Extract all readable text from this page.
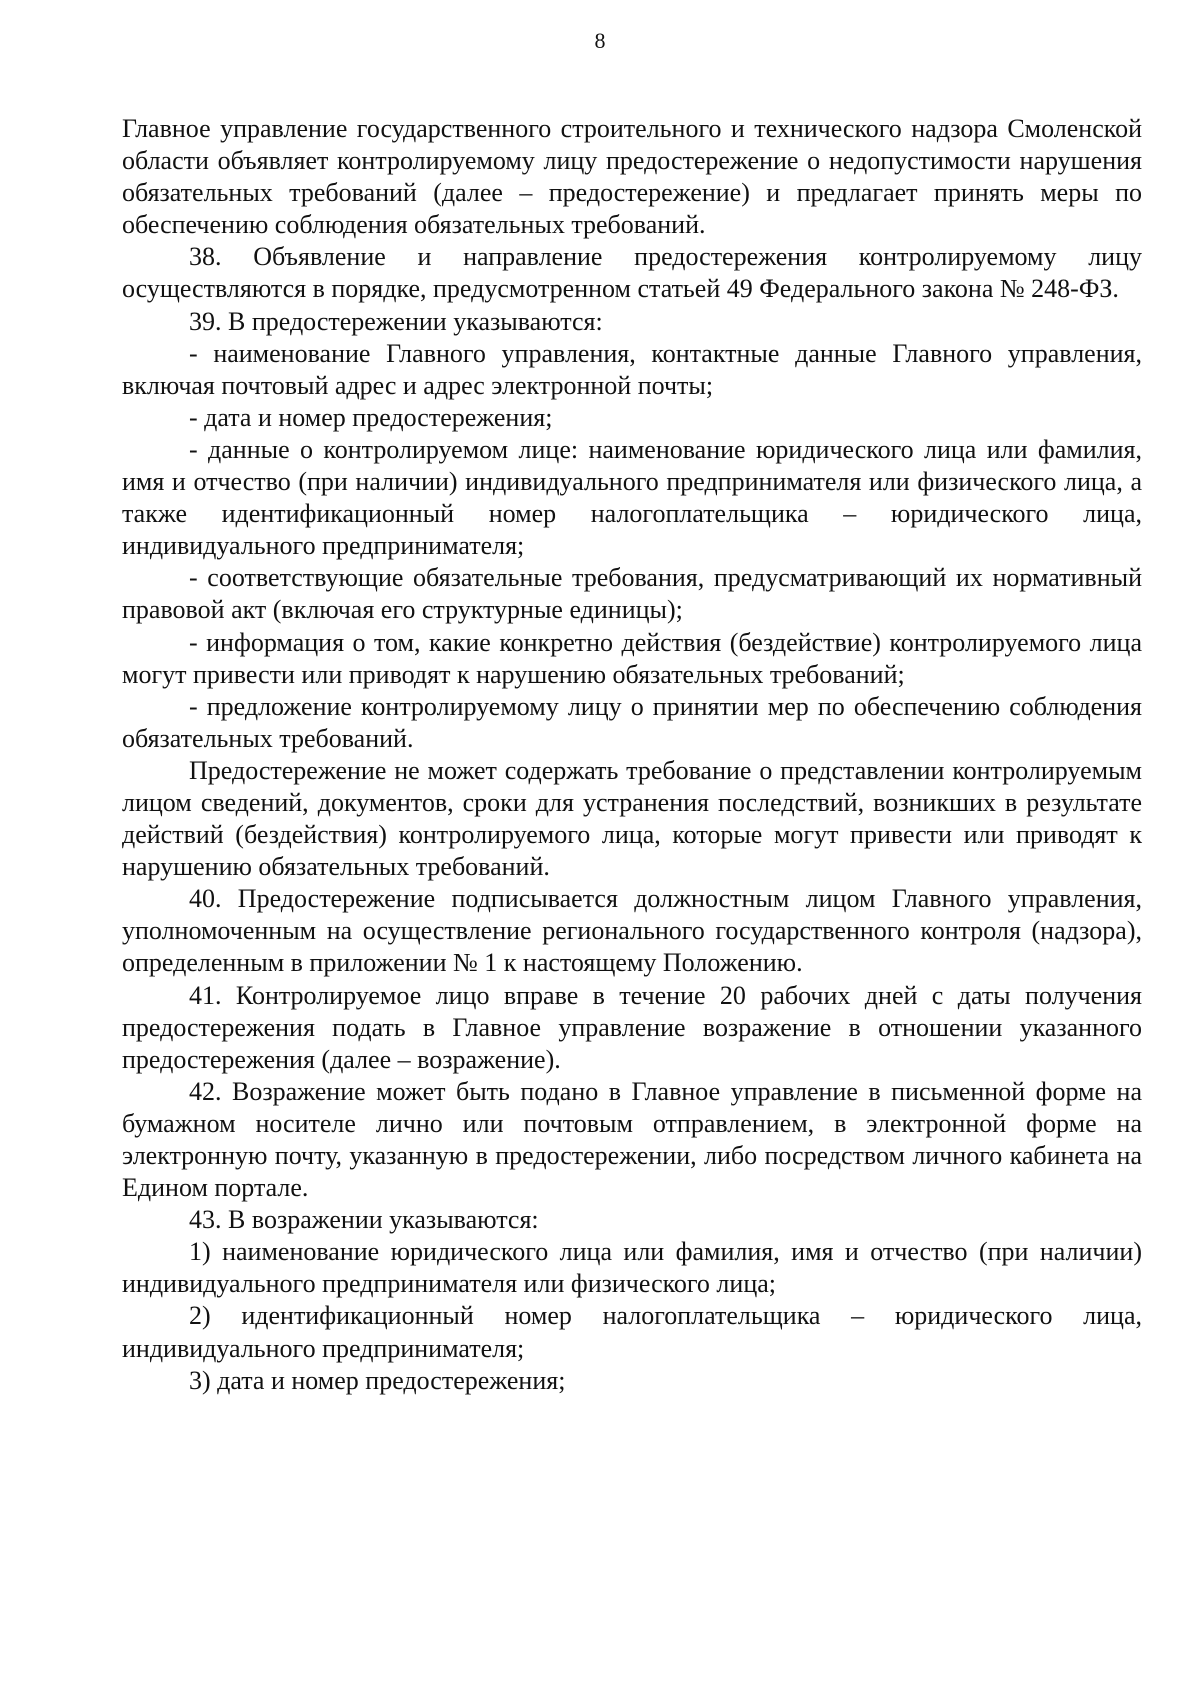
8

Главное управление государственного строительного и технического надзора Смоленской области объявляет контролируемому лицу предостережение о недопустимости нарушения обязательных требований (далее – предостережение) и предлагает принять меры по обеспечению соблюдения обязательных требований.

38. Объявление и направление предостережения контролируемому лицу осуществляются в порядке, предусмотренном статьей 49 Федерального закона № 248-ФЗ.

39. В предостережении указываются:

- наименование Главного управления, контактные данные Главного управления, включая почтовый адрес и адрес электронной почты;

- дата и номер предостережения;

- данные о контролируемом лице: наименование юридического лица или фамилия, имя и отчество (при наличии) индивидуального предпринимателя или физического лица, а также идентификационный номер налогоплательщика – юридического лица, индивидуального предпринимателя;

- соответствующие обязательные требования, предусматривающий их нормативный правовой акт (включая его структурные единицы);

- информация о том, какие конкретно действия (бездействие) контролируемого лица могут привести или приводят к нарушению обязательных требований;

- предложение контролируемому лицу о принятии мер по обеспечению соблюдения обязательных требований.

Предостережение не может содержать требование о представлении контролируемым лицом сведений, документов, сроки для устранения последствий, возникших в результате действий (бездействия) контролируемого лица, которые могут привести или приводят к нарушению обязательных требований.

40. Предостережение подписывается должностным лицом Главного управления, уполномоченным на осуществление регионального государственного контроля (надзора), определенным в приложении № 1 к настоящему Положению.

41. Контролируемое лицо вправе в течение 20 рабочих дней с даты получения предостережения подать в Главное управление возражение в отношении указанного предостережения (далее – возражение).

42. Возражение может быть подано в Главное управление в письменной форме на бумажном носителе лично или почтовым отправлением, в электронной форме на электронную почту, указанную в предостережении, либо посредством личного кабинета на Едином портале.

43. В возражении указываются:

1) наименование юридического лица или фамилия, имя и отчество (при наличии) индивидуального предпринимателя или физического лица;

2) идентификационный номер налогоплательщика – юридического лица, индивидуального предпринимателя;

3) дата и номер предостережения;
